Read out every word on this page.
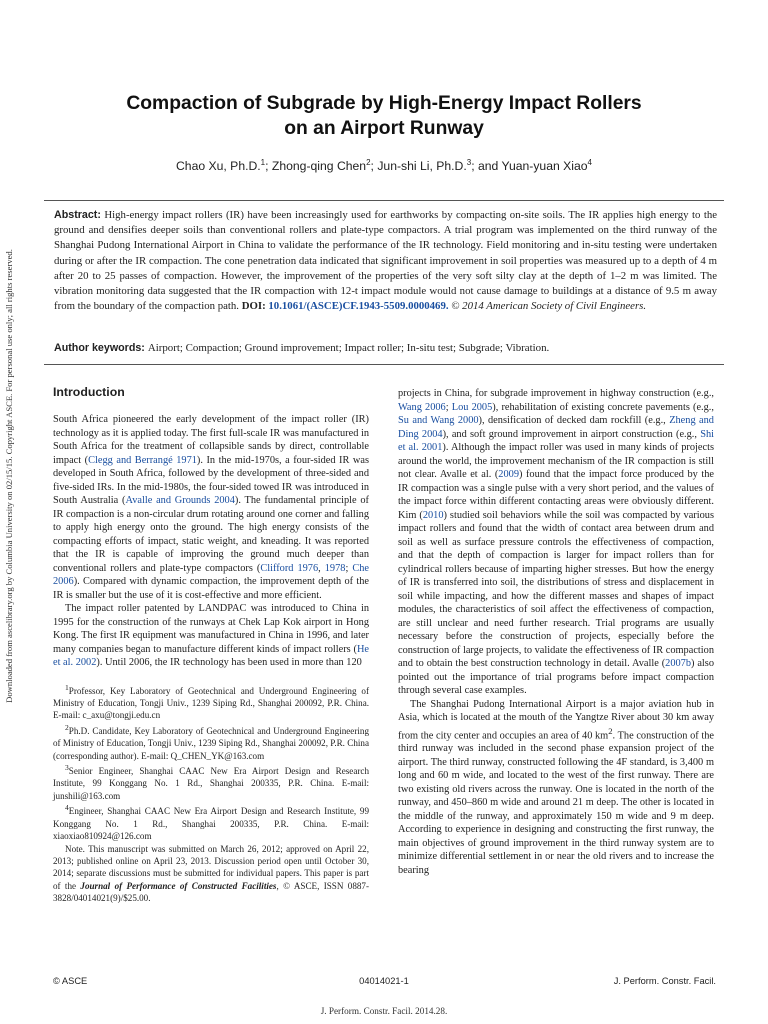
Downloaded from ascelibrary.org by Columbia University on 02/15/15. Copyright ASCE. For personal use only; all rights reserved.
Compaction of Subgrade by High-Energy Impact Rollers
on an Airport Runway
Chao Xu, Ph.D.$^1$; Zhong-qing Chen$^2$; Jun-shi Li, Ph.D.$^3$; and Yuan-yuan Xiao$^4$

Abstract: High-energy impact rollers (IR) have been increasingly used for earthworks by compacting on-site soils. The IR applies high energy to the ground and densifies deeper soils than conventional rollers and plate-type compactors. A trial program was implemented on the third runway of the Shanghai Pudong International Airport in China to validate the performance of the IR technology. Field monitoring and in-situ testing were undertaken during or after the IR compaction. The cone penetration data indicated that significant improvement in soil properties was measured up to a depth of 4 m after 20 to 25 passes of compaction. However, the improvement of the properties of the very soft silty clay at the depth of 1–2 m was limited. The vibration monitoring data suggested that the IR compaction with 12-t impact module would not cause damage to buildings at a distance of 9.5 m away from the boundary of the compaction path. DOI: 10.1061/(ASCE)CF.1943-5509.0000469. © 2014 American Society of Civil Engineers.

Author keywords: Airport; Compaction; Ground improvement; Impact roller; In-situ test; Subgrade; Vibration.

Introduction

South Africa pioneered the early development of the impact roller (IR) technology as it is applied today. The first full-scale IR was manufactured in South Africa for the treatment of collapsible sands by direct, controllable impact (Clegg and Berrangé 1971). In the mid-1970s, a four-sided IR was developed in South Africa, followed by the development of three-sided and five-sided IRs. In the mid-1980s, the four-sided towed IR was introduced in South Australia (Avalle and Grounds 2004). The fundamental principle of IR compaction is a non-circular drum rotating around one corner and falling to apply high energy onto the ground. The high energy consists of the compacting efforts of impact, static weight, and kneading. It was reported that the IR is capable of improving the ground much deeper than conventional rollers and plate-type compactors (Clifford 1976, 1978; Che 2006). Compared with dynamic compaction, the improvement depth of the IR is smaller but the use of it is cost-effective and more efficient.

The impact roller patented by LANDPAC was introduced to China in 1995 for the construction of the runways at Chek Lap Kok airport in Hong Kong. The first IR equipment was manufactured in China in 1996, and later many companies began to manufacture different kinds of impact rollers (He et al. 2002). Until 2006, the IR technology has been used in more than 120

$^1$Professor, Key Laboratory of Geotechnical and Underground Engineering of Ministry of Education, Tongji Univ., 1239 Siping Rd., Shanghai 200092, P.R. China. E-mail: c_axu@tongji.edu.cn

$^2$Ph.D. Candidate, Key Laboratory of Geotechnical and Underground Engineering of Ministry of Education, Tongji Univ., 1239 Siping Rd., Shanghai 200092, P.R. China (corresponding author). E-mail: Q_CHEN_YK@163.com

$^3$Senior Engineer, Shanghai CAAC New Era Airport Design and Research Institute, 99 Konggang No. 1 Rd., Shanghai 200335, P.R. China. E-mail: junshili@163.com

$^4$Engineer, Shanghai CAAC New Era Airport Design and Research Institute, 99 Konggang No. 1 Rd., Shanghai 200335, P.R. China. E-mail: xiaoxiao810924@126.com

Note. This manuscript was submitted on March 26, 2012; approved on April 22, 2013; published online on April 23, 2013. Discussion period open until October 30, 2014; separate discussions must be submitted for individual papers. This paper is part of the Journal of Performance of Constructed Facilities, © ASCE, ISSN 0887-3828/04014021(9)/$25.00.

projects in China, for subgrade improvement in highway construction (e.g., Wang 2006; Lou 2005), rehabilitation of existing concrete pavements (e.g., Su and Wang 2000), densification of decked dam rockfill (e.g., Zheng and Ding 2004), and soft ground improvement in airport construction (e.g., Shi et al. 2001). Although the impact roller was used in many kinds of projects around the world, the improvement mechanism of the IR compaction is still not clear. Avalle et al. (2009) found that the impact force produced by the IR compaction was a single pulse with a very short period, and the values of the impact force within different contacting areas were obviously different. Kim (2010) studied soil behaviors while the soil was compacted by various impact rollers and found that the width of contact area between drum and soil as well as surface pressure controls the effectiveness of compaction, and that the depth of compaction is larger for impact rollers than for cylindrical rollers because of imparting higher stresses. But how the energy of IR is transferred into soil, the distributions of stress and displacement in soil while impacting, and how the different masses and shapes of impact modules, the characteristics of soil affect the effectiveness of compaction, are still unclear and need further research. Trial programs are usually necessary before the construction of projects, especially before the construction of large projects, to validate the effectiveness of IR compaction and to obtain the best construction technology in detail. Avalle (2007b) also pointed out the importance of trial programs before impact compaction through several case examples.

The Shanghai Pudong International Airport is a major aviation hub in Asia, which is located at the mouth of the Yangtze River about 30 km away from the city center and occupies an area of 40 $km^2$. The construction of the third runway was included in the second phase expansion project of the airport. The third runway, constructed following the 4F standard, is 3,400 m long and 60 m wide, and located to the west of the first runway. There are two existing old rivers across the runway. One is located in the north of the runway, and 450–860 m wide and around 21 m deep. The other is located in the middle of the runway, and approximately 150 m wide and 9 m deep. According to experience in designing and constructing the first runway, the main objectives of ground improvement in the third runway system are to minimize differential settlement in or near the old rivers and to increase the bearing

© ASCE	04014021-1	J. Perform. Constr. Facil.
J. Perform. Constr. Facil. 2014.28.
